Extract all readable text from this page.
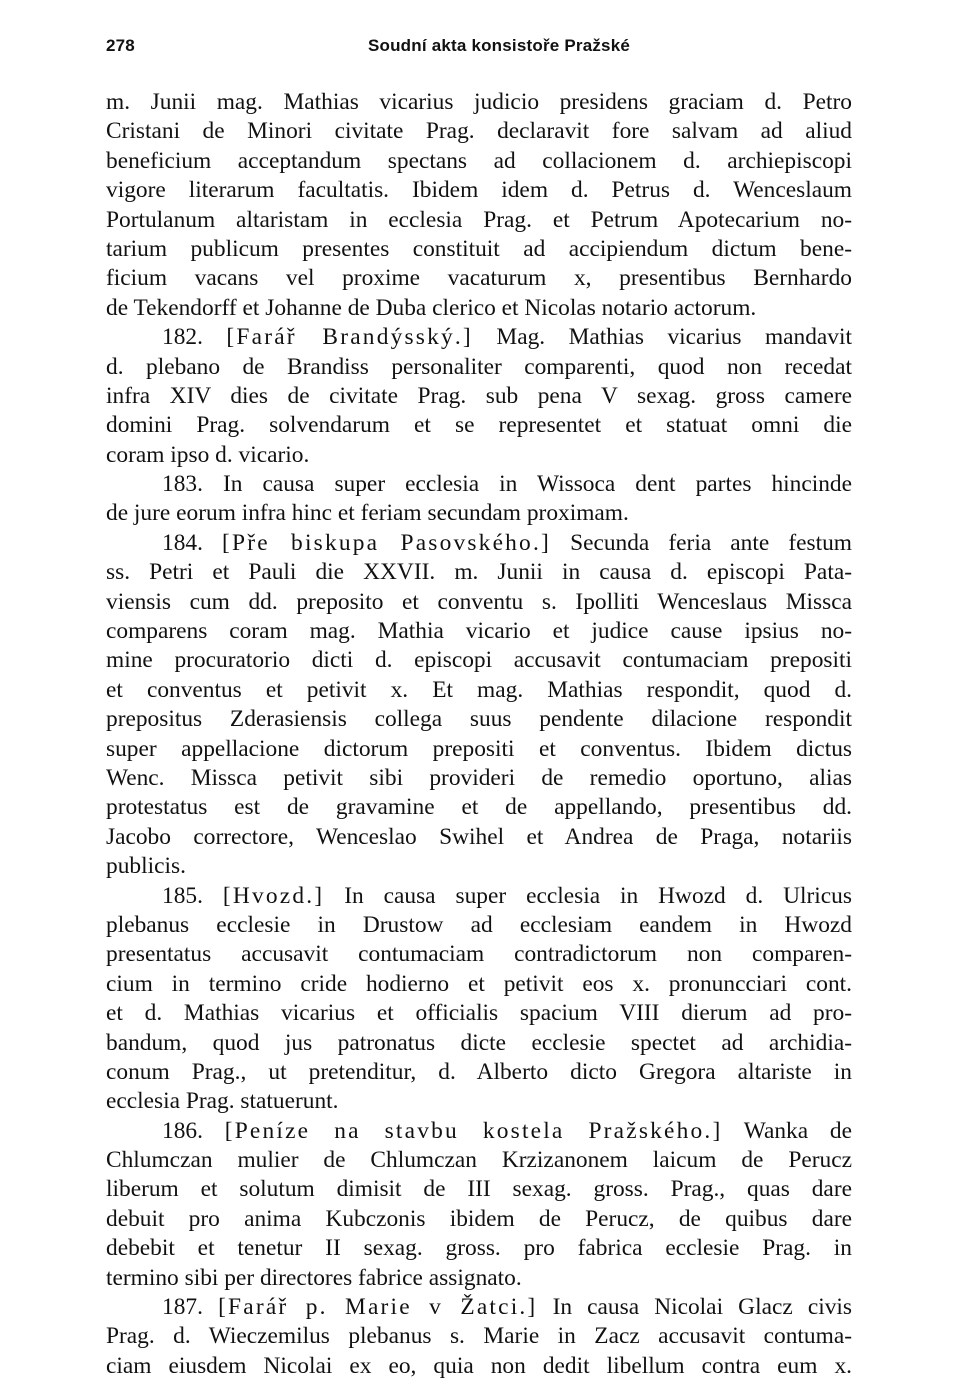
278	Soudní akta konsistoře Pražské
m. Junii mag. Mathias vicarius judicio presidens graciam d. Petro
Cristani de Minori civitate Prag. declaravit fore salvam ad aliud
beneficium acceptandum spectans ad collacionem d. archiepiscopi
vigore literarum facultatis. Ibidem idem d. Petrus d. Wenceslaum
Portulanum altaristam in ecclesia Prag. et Petrum Apotecarium no-
tarium publicum presentes constituit ad accipiendum dictum bene-
ficium vacans vel proxime vacaturum x, presentibus Bernhardo
de Tekendorff et Johanne de Duba clerico et Nicolas notario actorum.
182. [Farář Brandýsský.] Mag. Mathias vicarius mandavit
d. plebano de Brandiss personaliter comparenti, quod non recedat
infra XIV dies de civitate Prag. sub pena V sexag. gross camere
domini Prag. solvendarum et se representet et statuat omni die
coram ipso d. vicario.
183. In causa super ecclesia in Wissoca dent partes hincinde
de jure eorum infra hinc et feriam secundam proximam.
184. [Pře biskupa Pasovského.] Secunda feria ante festum
ss. Petri et Pauli die XXVII. m. Junii in causa d. episcopi Pata-
viensis cum dd. preposito et conventu s. Ipolliti Wenceslaus Missca
comparens coram mag. Mathia vicario et judice cause ipsius no-
mine procuratorio dicti d. episcopi accusavit contumaciam prepositi
et conventus et petivit x. Et mag. Mathias respondit, quod d.
prepositus Zderasiensis collega suus pendente dilacione respondit
super appellacione dictorum prepositi et conventus. Ibidem dictus
Wenc. Missca petivit sibi provideri de remedio oportuno, alias
protestatus est de gravamine et de appellando, presentibus dd.
Jacobo correctore, Wenceslao Swihel et Andrea de Praga, notariis
publicis.
185. [Hvozd.] In causa super ecclesia in Hwozd d. Ulricus
plebanus ecclesie in Drustow ad ecclesiam eandem in Hwozd
presentatus accusavit contumaciam contradictorum non comparen-
cium in termino cride hodierno et petivit eos x. pronuncciari cont.
et d. Mathias vicarius et officialis spacium VIII dierum ad pro-
bandum, quod jus patronatus dicte ecclesie spectet ad archidia-
conum Prag., ut pretenditur, d. Alberto dicto Gregora altariste in
ecclesia Prag. statuerunt.
186. [Peníze na stavbu kostela Pražského.] Wanka de
Chlumczan mulier de Chlumczan Krzizanonem laicum de Perucz
liberum et solutum dimisit de III sexag. gross. Prag., quas dare
debuit pro anima Kubczonis ibidem de Perucz, de quibus dare
debebit et tenetur II sexag. gross. pro fabrica ecclesie Prag. in
termino sibi per directores fabrice assignato.
187. [Farář p. Marie v Žatci.] In causa Nicolai Glacz civis
Prag. d. Wieczemilus plebanus s. Marie in Zacz accusavit contuma-
ciam eiusdem Nicolai ex eo, quia non dedit libellum contra eum x.
